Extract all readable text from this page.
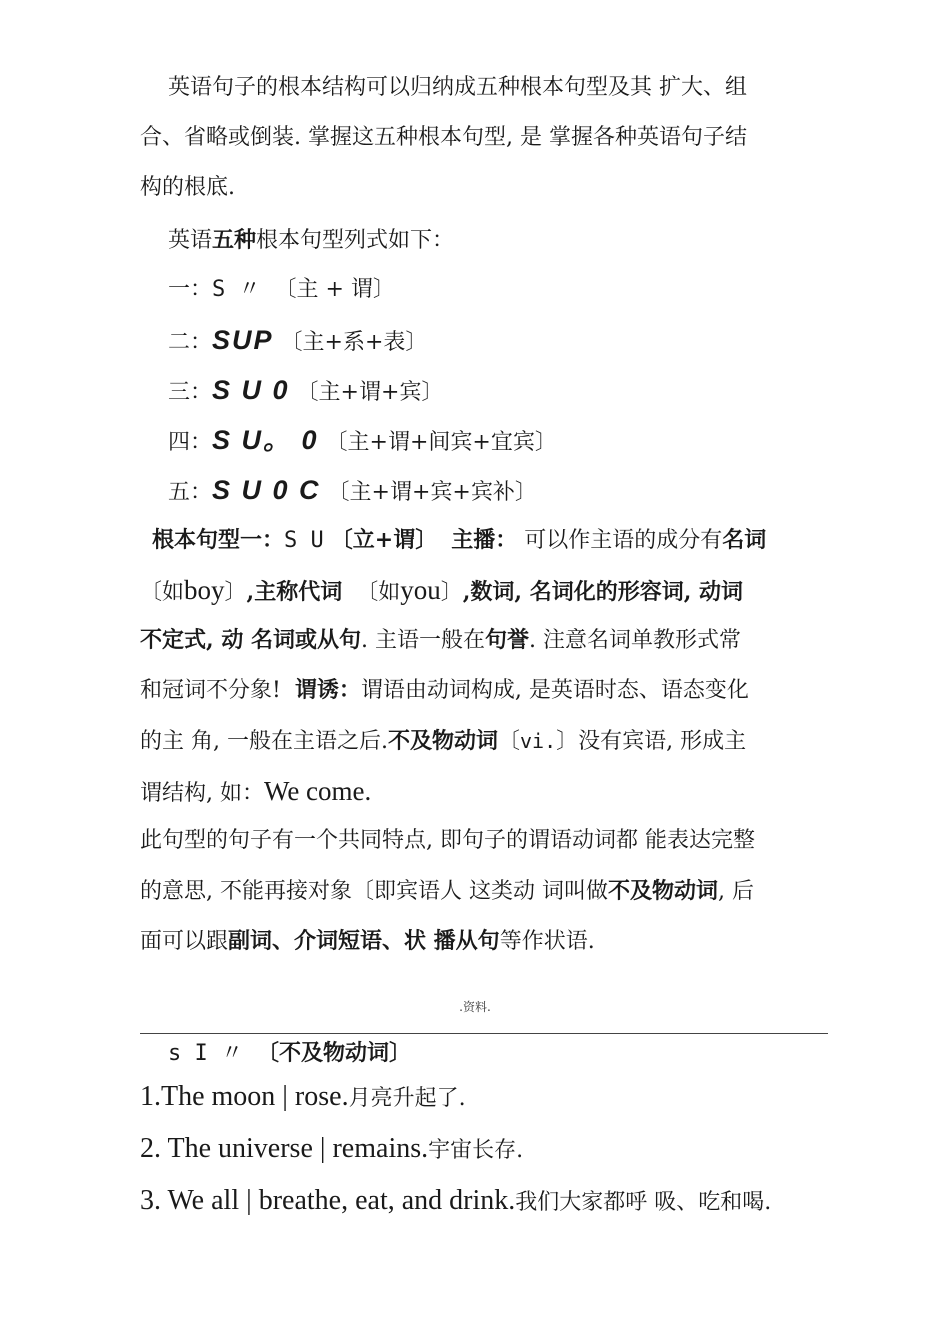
英语句子的根本结构可以归纳成五种根本句型及其 扩大、组
合、省略或倒装. 掌握这五种根本句型, 是 掌握各种英语句子结
构的根底.
英语五种根本句型列式如下：
一：S 〃 〔主 + 谓〕
二：SUP 〔主+系+表〕
三：S U 0 〔主+谓+宾〕
四：S U。 0 〔主+谓+间宾+宜宾〕
五：S U 0 C 〔主+谓+宾+宾补〕
根本句型一：S U 〔立+谓〕 主播： 可以作主语的成分有名词
〔如boy〕,主称代词 〔如you〕,数词, 名词化的形容词, 动词
不定式, 动 名词或从句. 主语一般在句誉. 注意名词单教形式常
和冠词不分象! 谓诱：谓语由动词构成, 是英语时态、语态变化
的主 角, 一般在主语之后.不及物动词〔vi.〕没有宾语, 形成主
谓结构, 如：We come.
此句型的句子有一个共同特点, 即句子的谓语动词都 能表达完整
的意思, 不能再接对象〔即宾语人 这类动 词叫做不及物动词, 后
面可以跟副词、介词短语、状 播从句等作状语.
.资料.
s I 〃 〔不及物动词〕
1.The moon | rose.月亮升起了.
2. The universe | remains.宇宙长存.
3. We all | breathe, eat, and drink.我们大家都呼 吸、吃和喝.
